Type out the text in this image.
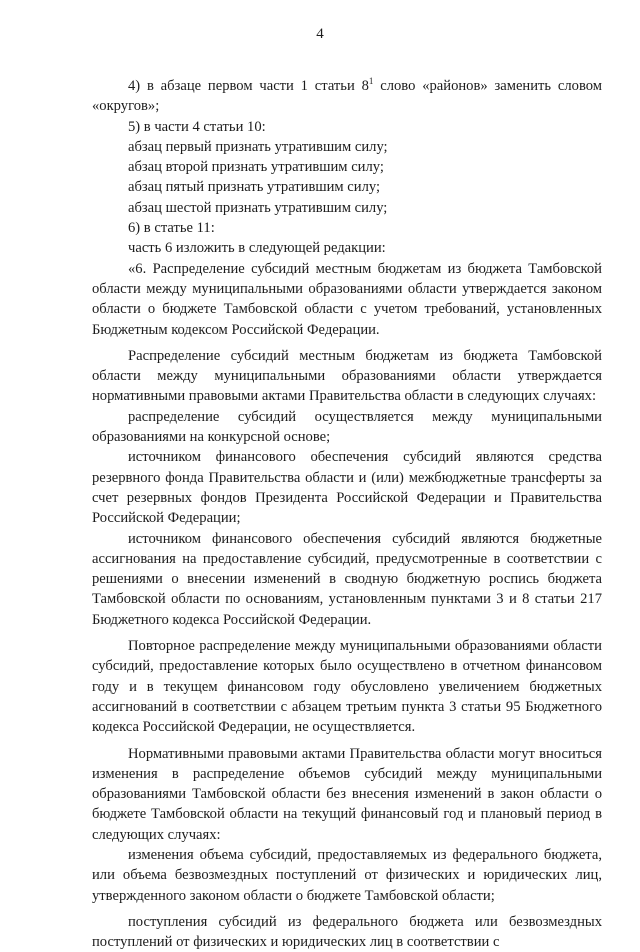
4

4) в абзаце первом части 1 статьи $8^1$ слово «районов» заменить словом «округов»;

5) в части 4 статьи 10:

абзац первый признать утратившим силу;

абзац второй признать утратившим силу;

абзац пятый признать утратившим силу;

абзац шестой признать утратившим силу;

6) в статье 11:

часть 6 изложить в следующей редакции:

«6. Распределение субсидий местным бюджетам из бюджета Тамбовской области между муниципальными образованиями области утверждается законом области о бюджете Тамбовской области с учетом требований, установленных Бюджетным кодексом Российской Федерации.

Распределение субсидий местным бюджетам из бюджета Тамбовской области между муниципальными образованиями области утверждается нормативными правовыми актами Правительства области в следующих случаях:

распределение субсидий осуществляется между муниципальными образованиями на конкурсной основе;

источником финансового обеспечения субсидий являются средства резервного фонда Правительства области и (или) межбюджетные трансферты за счет резервных фондов Президента Российской Федерации и Правительства Российской Федерации;

источником финансового обеспечения субсидий являются бюджетные ассигнования на предоставление субсидий, предусмотренные в соответствии с решениями о внесении изменений в сводную бюджетную роспись бюджета Тамбовской области по основаниям, установленным пунктами 3 и 8 статьи 217 Бюджетного кодекса Российской Федерации.

Повторное распределение между муниципальными образованиями области субсидий, предоставление которых было осуществлено в отчетном финансовом году и в текущем финансовом году обусловлено увеличением бюджетных ассигнований в соответствии с абзацем третьим пункта 3 статьи 95 Бюджетного кодекса Российской Федерации, не осуществляется.

Нормативными правовыми актами Правительства области могут вноситься изменения в распределение объемов субсидий между муниципальными образованиями Тамбовской области без внесения изменений в закон области о бюджете Тамбовской области на текущий финансовый год и плановый период в следующих случаях:

изменения объема субсидий, предоставляемых из федерального бюджета, или объема безвозмездных поступлений от физических и юридических лиц, утвержденного законом области о бюджете Тамбовской области;

поступления субсидий из федерального бюджета или безвозмездных поступлений от физических и юридических лиц в соответствии с
